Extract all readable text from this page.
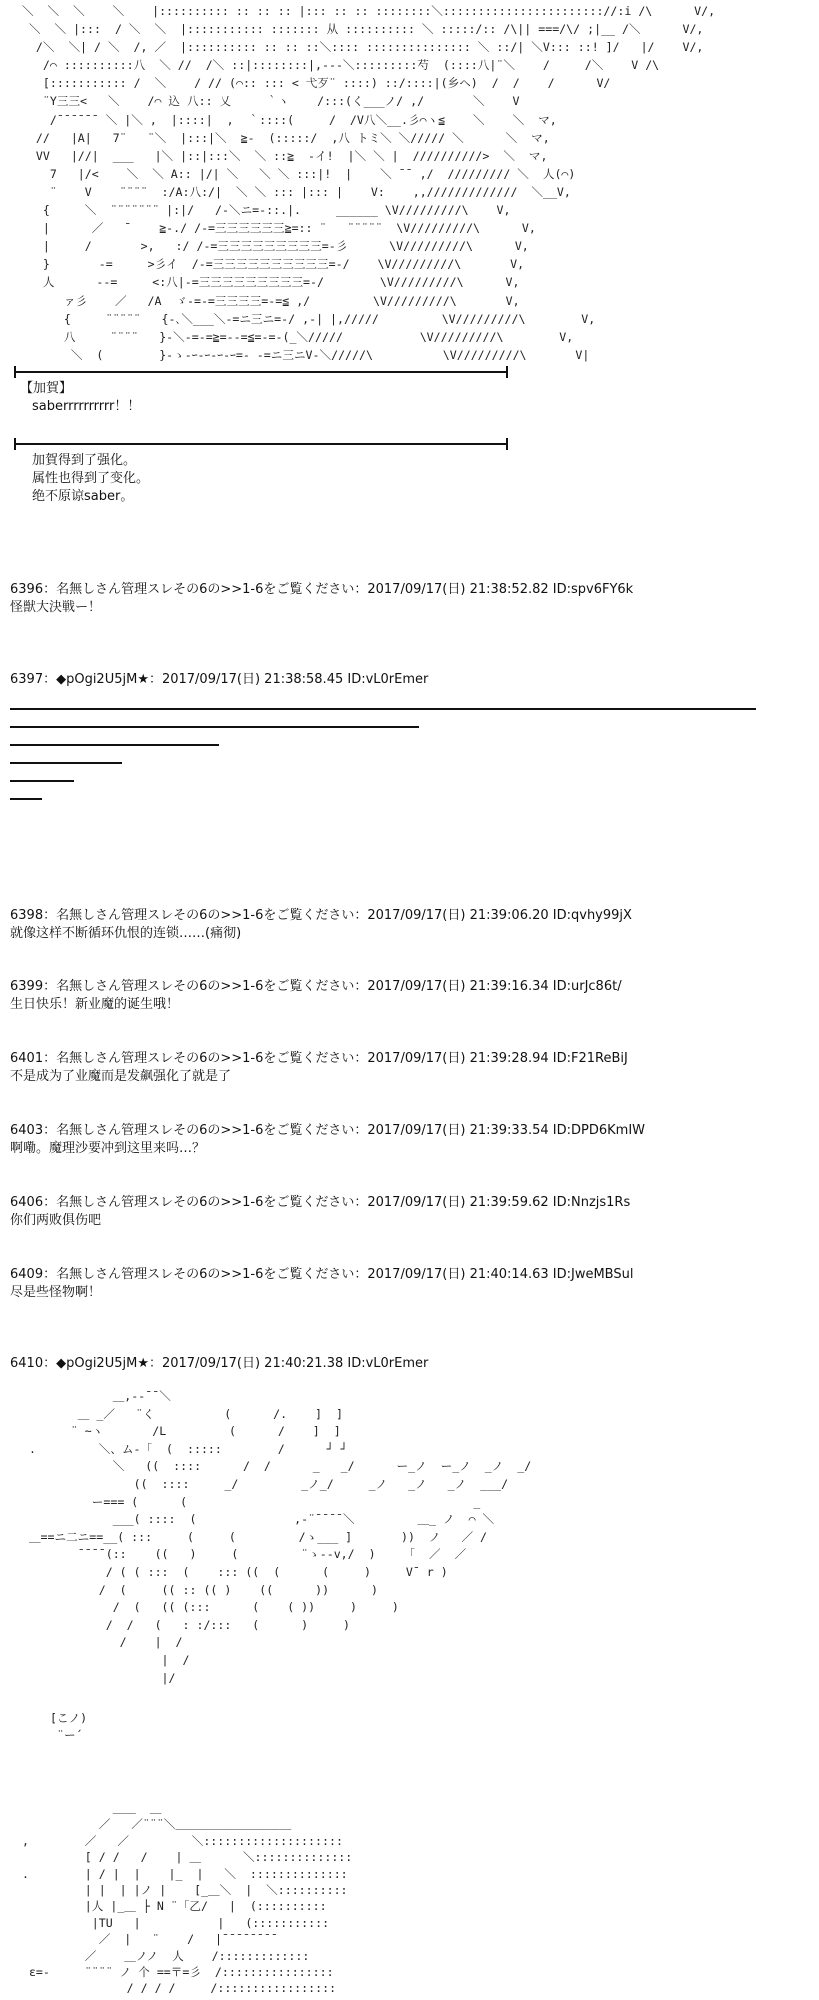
＼  ＼  ＼    ＼    |:::::::::: :: :: :: |::: :: :: ::::::::＼::::::::::::::::::::::://:i /\      V/,
＼  ＼ |:::  / ＼  ＼  |::::::::::: ::::::: 从 :::::::::: ＼ :::::/:: /\|| ===/\/ ;|__ /＼      V/,
/＼  ＼| / ＼  /, ／  |:::::::::: :: :: ::＼:::: ::::::::::::::: ＼ ::/| ＼V::: ::! ]/   |/    V/,
/⌒ ::::::::::八  ＼ //  /＼ ::|::::::::|,---＼:::::::::芍  (::::八|¨＼    /     /＼    V /\
[::::::::::: /  ＼    / // (⌒:: ::: < 弋歹¨ ::::) ::/::::|(乡ヘ)  /  /    /      V/
¨Y三三<   ＼    /⌒ 込 八:: 乂     ｀ヽ    /:::(く___ノ/ ,/       ＼    V
/¯¯¯¯¯¯ ＼ |＼ ,  |::::|  ,  ｀::::(     /  /V八＼__.彡⌒ヽ≦    ＼    ＼  マ,
//   |A|   7¨   ¨＼  |:::|＼  ≧-  (:::::/  ,八 トミ＼ ＼///// ＼      ＼  マ,
VV   |//|  ___   |＼ |::|:::＼  ＼ ::≧  -イ!  |＼ ＼ |  //////////>  ＼  マ,
7   |/<    ＼  ＼ A:: |/| ＼   ＼ ＼ :::|!  |    ＼ ¯¯ ,/  ///////// ＼  人(⌒)
¨    V    ¨¨¨¨  :/A:八:/|  ＼ ＼ ::: |::: |    V:    ,,/////////////  ＼__V,
{     ＼  ¨¨¨¨¨¨¨ |:|/   /-＼ニ=-::.|.     ______ \V/////////\    V,
|      ／   ¯    ≧-./ /-=三三三三三三≧=:: ¨   ¨¨¨¨¨  \V/////////\      V,
|     /       >,   :/ /-=三三三三三三三三三=-彡      \V/////////\      V,
}       -=     >彡イ  /-=三三三三三三三三三三=-/    \V/////////\       V,
人      --=     <:八|-=三三三三三三三三三=-/        \V/////////\      V,
ァ彡    ／   /A  ゞ-=-=三三三三=-=≦ ,/         \V/////////\       V,
{     ¨¨¨¨¨   {-､＼___＼-=ニ三ニ=-/ ,-| |,/////         \V/////////\        V,
八     ¨¨¨¨   }-＼-=-=≧=--=≦=-=-(_＼/////           \V/////////\        V,
＼  (        }-ゝ-ｰ-ｰ-ｰ-ｰ=- -=ニ三ニV-＼/////\          \V/////////\       V|
【加賀】
saberrrrrrrrrr！！
加賀得到了强化。
属性也得到了变化。
绝不原谅saber。
6396：名無しさん管理スレその6の>>1-6をご覧ください：2017/09/17(日) 21:38:52.82 ID:spv6FY6k
怪獣大決戦ー！
6397：◆pOgi2U5jM★：2017/09/17(日) 21:38:58.45 ID:vL0rEmer
6398：名無しさん管理スレその6の>>1-6をご覧ください：2017/09/17(日) 21:39:06.20 ID:qvhy99jX
就像这样不断循环仇恨的连锁……(痛彻)
6399：名無しさん管理スレその6の>>1-6をご覧ください：2017/09/17(日) 21:39:16.34 ID:urJc86t/
生日快乐！新业魔的诞生哦！
6401：名無しさん管理スレその6の>>1-6をご覧ください：2017/09/17(日) 21:39:28.94 ID:F21ReBiJ
不是成为了业魔而是发飙强化了就是了
6403：名無しさん管理スレその6の>>1-6をご覧ください：2017/09/17(日) 21:39:33.54 ID:DPD6KmIW
啊嘞。魔理沙要冲到这里来吗…？
6406：名無しさん管理スレその6の>>1-6をご覧ください：2017/09/17(日) 21:39:59.62 ID:Nnzjs1Rs
你们两败俱伤吧
6409：名無しさん管理スレその6の>>1-6をご覧ください：2017/09/17(日) 21:40:14.63 ID:JweMBSul
尽是些怪物啊！
6410：◆pOgi2U5jM★：2017/09/17(日) 21:40:21.38 ID:vL0rEmer
＿,-‐¯¯＼
＿ _／   ¨く          (      /.    ]  ]
¨ ~ヽ       /L         (      /    ]  ]
.         ＼、ム-「  (  :::::        /      ┘ ┘
＼   ((  ::::      /  /      _   _/      ー_ノ  ー_ノ  _ノ  _/
((  ::::     _/         _ノ_/     _ノ   _ノ   _ノ  ___/
ー=== (      (                                         _
___( ::::  (              ,-¨¯¯¯¯＼         ＿_ ノ  ⌒ ＼
＿==ニ二ニ==__( :::     (     (         /ゝ___ ]       ))  ノ   ／ /
¯¯¯¯(::    ((   )     (         ¨ゝ--v,/  )    「  ／  ／
/ ( ( :::  (    ::: ((  (      (     )     V¯ r )
/  (     (( :: (( )    ((      ))      )
/  (   (( (:::      (    ( ))     )     )
/  /   (   : :/:::   (      )     )
/    |  /
|  /
|/
[こノ)
¨ー´
＿＿  ＿
／   ／¨¨¨＼＿＿＿＿＿＿＿＿＿＿
,        ／   ／         ＼::::::::::::::::::::
[ / /   /    | ＿      ＼::::::::::::::
.        | / |  |    |_  |   ＼  ::::::::::::::
| |  | |ノ |    [_＿＼  |  ＼::::::::::
|人 |_＿ ├ N ¨「乙/   |  (::::::::::
|TU   |           |   (:::::::::::
／  |   ¨    /   |¯¯¯¯¯¯¯¯
／    ＿ノノ  人    /:::::::::::::
ε=-     ¨¨¨¨ ノ 个 ==〒=彡  /::::::::::::::::
/ / / /     /:::::::::::::::::
